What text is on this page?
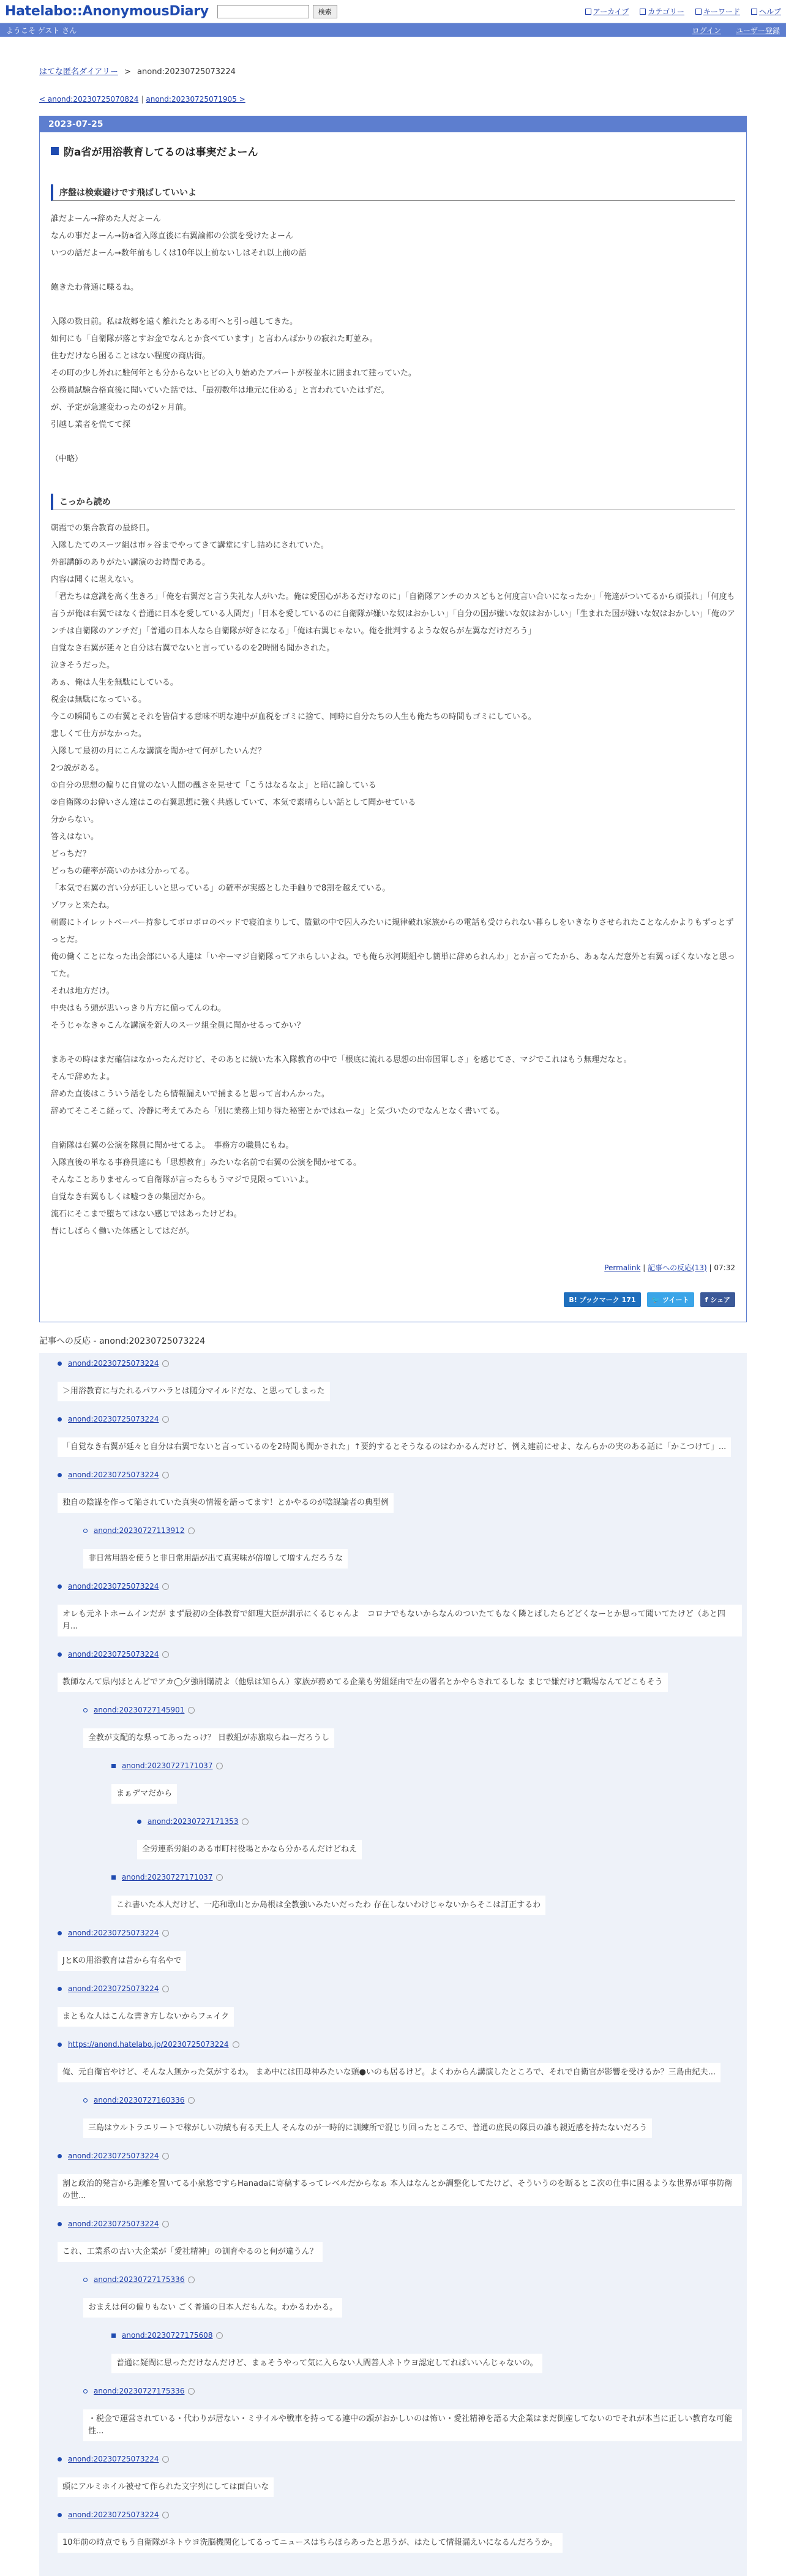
Hatelabo::AnonymousDiary	検索	アーカイブ	カテゴリー	キーワード	ヘルプ
ようこそ ゲスト さん	ログイン ユーザー登録
はてな匿名ダイアリー > anond:20230725073224
< anond:20230725070824 | anond:20230725071905 >
2023-07-25
防a省が用浴教育してるのは事実だよーん
序盤は検索避けです飛ばしていいよ

誰だよーん→辞めた人だよーん

なんの事だよーん→防a省入隊直後に右翼論都の公演を受けたよーん

いつの話だよーん→数年前もしくは10年以上前ないしはそれ以上前の話

飽きたわ普通に喋るね。

入隊の数日前。私は故郷を遠く離れたとある町へと引っ越してきた。

如何にも「自衛隊が落とすお金でなんとか食べています」と言わんばかりの寂れた町並み。

住むだけなら困ることはない程度の商店街。

その町の少し外れに駐何年とも分からないヒビの入り始めたアパートが桜並木に囲まれて建っていた。

公務員試験合格直後に聞いていた話では、「最初数年は地元に住める」と言われていたはずだ。

が、予定が急遽変わったのが2ヶ月前。

引越し業者を慌てて探

（中略）

こっから読め

朝霞での集合教育の最終日。

入隊したてのスーツ組は市ヶ谷までやってきて講堂にすし詰めにされていた。

外部講師のありがたい講演のお時間である。

内容は聞くに堪えない。

「君たちは意識を高く生きろ」「俺を右翼だと言う失礼な人がいた。俺は愛国心があるだけなのに」「自衛隊アンチのカスどもと何度言い合いになったか」「俺達がついてるから頑張れ」「何度も言うが俺は右翼ではなく普通に日本を愛している人間だ」「日本を愛しているのに自衛隊が嫌いな奴はおかしい」「自分の国が嫌いな奴はおかしい」「生まれた国が嫌いな奴はおかしい」「俺のアンチは自衛隊のアンチだ」「普通の日本人なら自衛隊が好きになる」「俺は右翼じゃない。俺を批判するような奴らが左翼なだけだろう」

自覚なき右翼が延々と自分は右翼でないと言っているのを2時間も聞かされた。

泣きそうだった。

あぁ、俺は人生を無駄にしている。

税金は無駄になっている。

今この瞬間もこの右翼とそれを皆信する意味不明な連中が血税をゴミに捨て、同時に自分たちの人生も俺たちの時間もゴミにしている。

悲しくて仕方がなかった。

入隊して最初の月にこんな講演を聞かせて何がしたいんだ？

2つ説がある。

①自分の思想の偏りに自覚のない人間の醜さを見せて「こうはなるなよ」と暗に諭している

②自衛隊のお偉いさん達はこの右翼思想に強く共感していて、本気で素晴らしい話として聞かせている

分からない。

答えはない。

どっちだ？

どっちの確率が高いのかは分かってる。

「本気で右翼の言い分が正しいと思っている」の確率が実感とした手触りで8割を越えている。

ゾワッと来たね。

朝霞にトイレットペーパー持参してボロボロのベッドで寝泊まりして、監獄の中で囚人みたいに規律破れ家族からの電話も受けられない暮らしをいきなりさせられたことなんかよりもずっとずっとだ。

俺の働くことになった出会部にいる人達は「いやーマジ自衛隊ってアホらしいよね。でも俺ら氷河期組やし簡単に辞められんわ」とか言ってたから、あぁなんだ意外と右翼っぽくないなと思ってた。

それは地方だけ。

中央はもう頭が思いっきり片方に偏ってんのね。

そうじゃなきゃこんな講演を新人のスーツ組全員に聞かせるってかい？

まあその時はまだ確信はなかったんだけど、そのあとに続いた本入隊教育の中で「根底に流れる思想の出帝国軍しさ」を感じてさ、マジでこれはもう無理だなと。

そんで辞めたよ。

辞めた直後はこういう話をしたら情報漏えいで捕まると思って言わんかった。

辞めてそこそこ経って、冷静に考えてみたら「別に業務上知り得た秘密とかではねーな」と気づいたのでなんとなく書いてる。

自衛隊は右翼の公演を隊員に聞かせてるよ。　事務方の職員にもね。

入隊直後の単なる事務員達にも「思想教育」みたいな名前で右翼の公演を聞かせてる。

そんなことありませんって自衛隊が言ったらもうマジで見限っていいよ。

自覚なき右翼もしくは嘘つきの集団だから。

流石にそこまで堕ちてはない感じではあったけどね。

昔にしばらく働いた体感としてはだが。

Permalink | 記事への反応(13) | 07:32
B! ブックマーク 171	🐦 ツイート	f シェア
記事への反応 - anond:20230725073224
anond:20230725073224

＞用浴教育に与たれるパワハラとは随分マイルドだな、と思ってしまった
anond:20230725073224

「自覚なき右翼が延々と自分は右翼でないと言っているのを2時間も聞かされた」↑要約するとそうなるのはわかるんだけど、例え建前にせよ、なんらかの実のある話に「かこつけて」...
anond:20230725073224

独自の陰謀を作って陥されていた真実の情報を語ってます！とかやるのが陰謀論者の典型例
anond:20230727113912

非日常用語を使うと非日常用語が出て真実味が倍増して増すんだろうな
anond:20230725073224

オレも元ネトホームインだが まず最初の全体教育で細理大臣が訓示にくるじゃんよ　コロナでもないからなんのついたてもなく隣とばしたらどどくなーとか思って聞いてたけど（あと四月...
anond:20230725073224

教師なんて県内ほとんどでアカ◯夕強制購読よ（他県は知らん）家族が務めてる企業も労組経由で左の署名とかやらされてるしな まじで嫌だけど職場なんてどこもそう
anond:20230727145901

全教が支配的な県ってあったっけ？ 日教組が赤旗取らねーだろうし
anond:20230727171037

まぁデマだから
anond:20230727171353

全労連系労組のある市町村役場とかなら分かるんだけどねえ
anond:20230727171037

これ書いた本人だけど、一応和歌山とか島根は全教強いみたいだったわ 存在しないわけじゃないからそこは訂正するわ
anond:20230725073224

JとKの用浴教育は昔から有名やで
anond:20230725073224

まともな人はこんな書き方しないからフェイク
https://anond.hatelabo.jp/20230725073224

俺、元自衛官やけど、そんな人無かった気がするわ。 まあ中には田母神みたいな頭●いのも居るけど。よくわからん講演したところで、それで自衛官が影響を受けるか？三島由紀夫...
anond:20230727160336

三島はウルトラエリートで稼がしい功績も有る天上人 そんなのが一時的に訓練所で混じり回ったところで、普通の庶民の隊員の誰も親近感を持たないだろう
anond:20230725073224

割と政治的発言から距離を置いてる小泉悠ですらHanadaに寄稿するってレベルだからなぁ 本人はなんとか調整化してたけど、そういうのを断るとこ次の仕事に困るような世界が軍事防衛の世...
anond:20230725073224

これ、工業系の古い大企業が「愛社精神」の訓育やるのと何が違うん？
anond:20230727175336

おまえは何の偏りもない ごく普通の日本人だもんな。わかるわかる。
anond:20230727175608

普通に疑問に思っただけなんだけど、まぁそうやって気に入らない人間善人ネトウヨ認定してればいいんじゃないの。
anond:20230727175336

・税金で運営されている・代わりが居ない・ミサイルや戦車を持ってる連中の頭がおかしいのは怖い・愛社精神を語る大企業はまだ倒産してないのでそれが本当に正しい教育な可能性...
anond:20230725073224

頭にアルミホイル被せて作られた文字列にしては面白いな
anond:20230725073224

10年前の時点でもう自衛隊がネトウヨ洗脳機関化してるってニュースはちらほらあったと思うが、はたして情報漏えいになるんだろうか。
